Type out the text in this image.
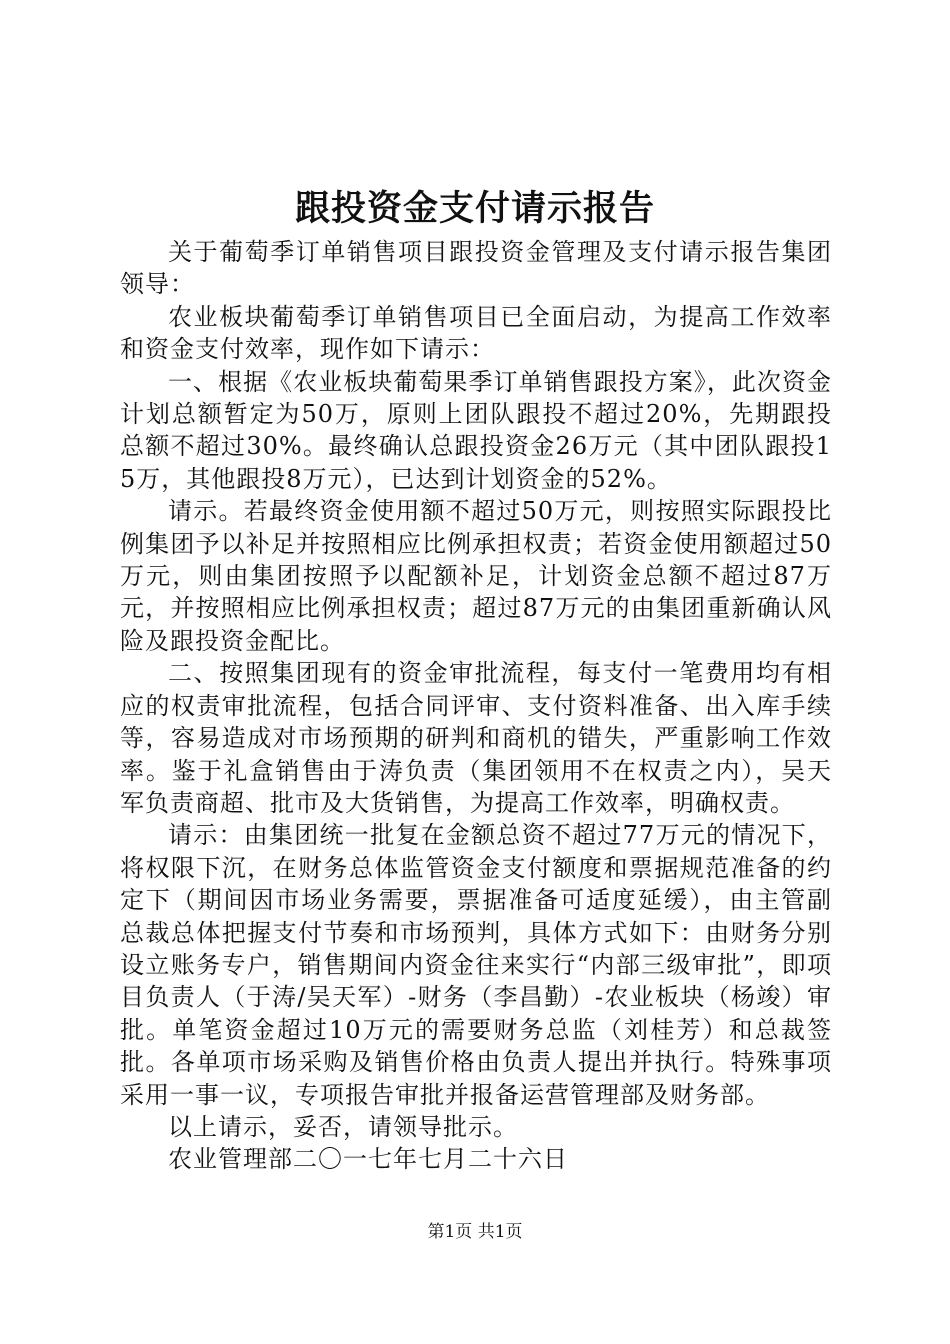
跟投资金支付请示报告

关于葡萄季订单销售项目跟投资金管理及支付请示报告集团领导：

农业板块葡萄季订单销售项目已全面启动，为提高工作效率和资金支付效率，现作如下请示：

一、根据《农业板块葡萄果季订单销售跟投方案》，此次资金计划总额暂定为50万，原则上团队跟投不超过20%，先期跟投总额不超过30%。最终确认总跟投资金26万元（其中团队跟投15万，其他跟投8万元），已达到计划资金的52%。

请示。若最终资金使用额不超过50万元，则按照实际跟投比例集团予以补足并按照相应比例承担权责；若资金使用额超过50万元，则由集团按照予以配额补足，计划资金总额不超过87万元，并按照相应比例承担权责；超过87万元的由集团重新确认风险及跟投资金配比。

二、按照集团现有的资金审批流程，每支付一笔费用均有相应的权责审批流程，包括合同评审、支付资料准备、出入库手续等，容易造成对市场预期的研判和商机的错失，严重影响工作效率。鉴于礼盒销售由于涛负责（集团领用不在权责之内），吴天军负责商超、批市及大货销售，为提高工作效率，明确权责。

请示：由集团统一批复在金额总资不超过77万元的情况下，将权限下沉，在财务总体监管资金支付额度和票据规范准备的约定下（期间因市场业务需要，票据准备可适度延缓），由主管副总裁总体把握支付节奏和市场预判，具体方式如下：由财务分别设立账务专户，销售期间内资金往来实行“内部三级审批”，即项目负责人（于涛/吴天军）-财务（李昌勤）-农业板块（杨竣）审批。单笔资金超过10万元的需要财务总监（刘桂芳）和总裁签批。各单项市场采购及销售价格由负责人提出并执行。特殊事项采用一事一议，专项报告审批并报备运营管理部及财务部。

以上请示，妥否，请领导批示。

农业管理部二〇一七年七月二十六日

第1页 共1页
